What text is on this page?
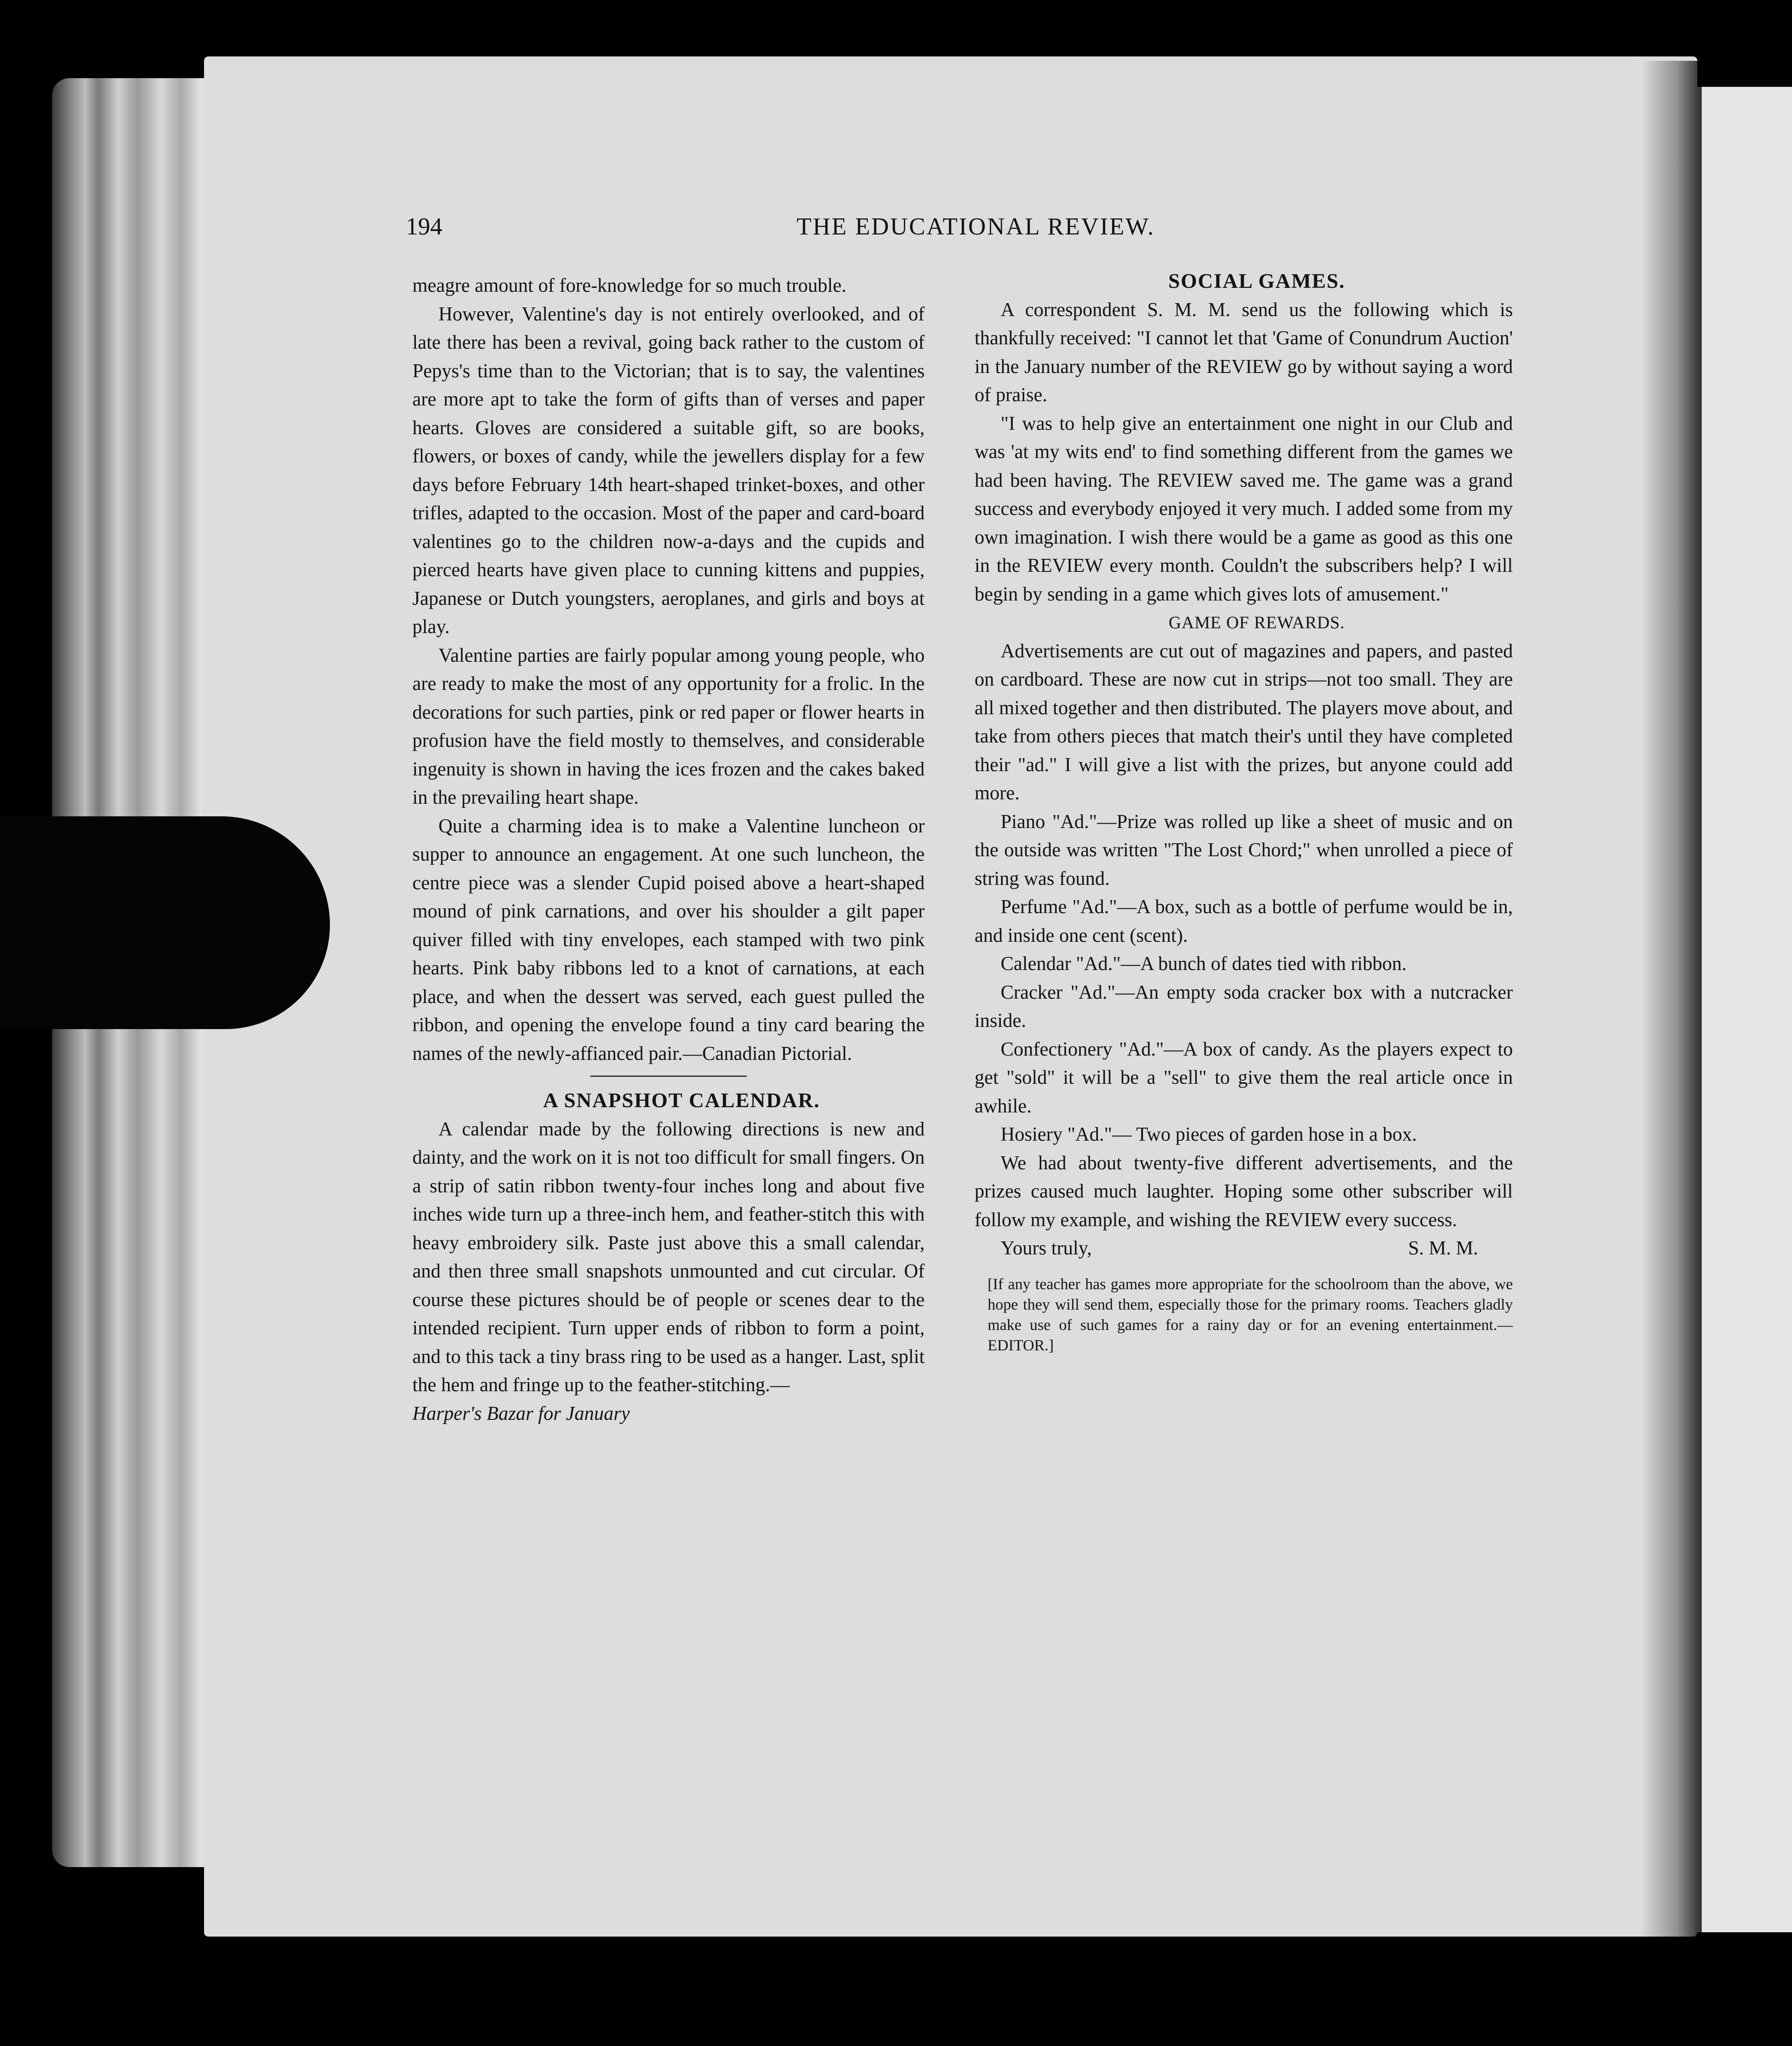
194	THE EDUCATIONAL REVIEW.

meagre amount of fore-knowledge for so much trouble.

However, Valentine's day is not entirely overlooked, and of late there has been a revival, going back rather to the custom of Pepys's time than to the Victorian; that is to say, the valentines are more apt to take the form of gifts than of verses and paper hearts. Gloves are considered a suitable gift, so are books, flowers, or boxes of candy, while the jewellers display for a few days before February 14th heart-shaped trinket-boxes, and other trifles, adapted to the occasion. Most of the paper and card-board valentines go to the children now-a-days and the cupids and pierced hearts have given place to cunning kittens and puppies, Japanese or Dutch youngsters, aeroplanes, and girls and boys at play.

Valentine parties are fairly popular among young people, who are ready to make the most of any opportunity for a frolic. In the decorations for such parties, pink or red paper or flower hearts in profusion have the field mostly to themselves, and considerable ingenuity is shown in having the ices frozen and the cakes baked in the prevailing heart shape.

Quite a charming idea is to make a Valentine luncheon or supper to announce an engagement. At one such luncheon, the centre piece was a slender Cupid poised above a heart-shaped mound of pink carnations, and over his shoulder a gilt paper quiver filled with tiny envelopes, each stamped with two pink hearts. Pink baby ribbons led to a knot of carnations, at each place, and when the dessert was served, each guest pulled the ribbon, and opening the envelope found a tiny card bearing the names of the newly-affianced pair.—Canadian Pictorial.

A SNAPSHOT CALENDAR.

A calendar made by the following directions is new and dainty, and the work on it is not too difficult for small fingers. On a strip of satin ribbon twenty-four inches long and about five inches wide turn up a three-inch hem, and feather-stitch this with heavy embroidery silk. Paste just above this a small calendar, and then three small snapshots unmounted and cut circular. Of course these pictures should be of people or scenes dear to the intended recipient. Turn upper ends of ribbon to form a point, and to this tack a tiny brass ring to be used as a hanger. Last, split the hem and fringe up to the feather-stitching.—

Harper's Bazar for January

SOCIAL GAMES.

A correspondent S. M. M. send us the following which is thankfully received: "I cannot let that 'Game of Conundrum Auction' in the January number of the REVIEW go by without saying a word of praise.

"I was to help give an entertainment one night in our Club and was 'at my wits end' to find something different from the games we had been having. The REVIEW saved me. The game was a grand success and everybody enjoyed it very much. I added some from my own imagination. I wish there would be a game as good as this one in the REVIEW every month. Couldn't the subscribers help? I will begin by sending in a game which gives lots of amusement."

GAME OF REWARDS.

Advertisements are cut out of magazines and papers, and pasted on cardboard. These are now cut in strips—not too small. They are all mixed together and then distributed. The players move about, and take from others pieces that match their's until they have completed their "ad." I will give a list with the prizes, but anyone could add more.

Piano "Ad."—Prize was rolled up like a sheet of music and on the outside was written "The Lost Chord;" when unrolled a piece of string was found.

Perfume "Ad."—A box, such as a bottle of perfume would be in, and inside one cent (scent).

Calendar "Ad."—A bunch of dates tied with ribbon.

Cracker "Ad."—An empty soda cracker box with a nutcracker inside.

Confectionery "Ad."—A box of candy. As the players expect to get "sold" it will be a "sell" to give them the real article once in awhile.

Hosiery "Ad."— Two pieces of garden hose in a box.

We had about twenty-five different advertisements, and the prizes caused much laughter. Hoping some other subscriber will follow my example, and wishing the REVIEW every success.

Yours truly,	S. M. M.

[If any teacher has games more appropriate for the schoolroom than the above, we hope they will send them, especially those for the primary rooms. Teachers gladly make use of such games for a rainy day or for an evening entertainment.—EDITOR.]
